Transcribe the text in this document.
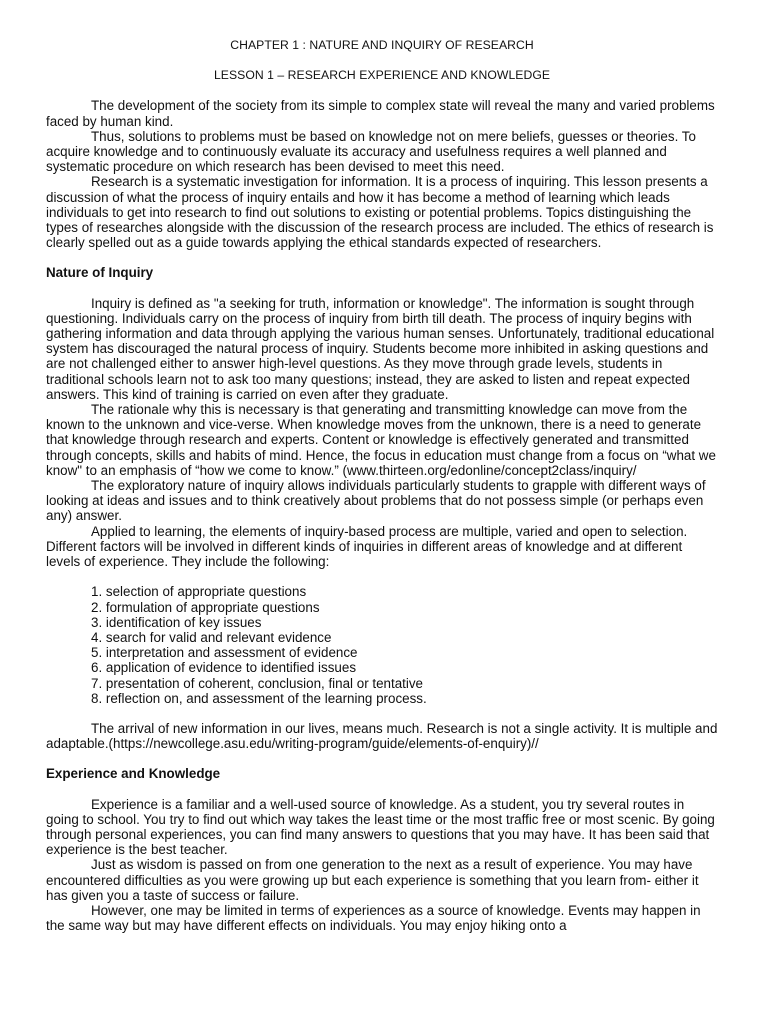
CHAPTER 1 : NATURE AND INQUIRY OF RESEARCH

LESSON 1 – RESEARCH EXPERIENCE AND KNOWLEDGE

The development of the society from its simple to complex state will reveal the many and varied problems faced by human kind.

Thus, solutions to problems must be based on knowledge not on mere beliefs, guesses or theories. To acquire knowledge and to continuously evaluate its accuracy and usefulness requires a well planned and systematic procedure on which research has been devised to meet this need.

Research is a systematic investigation for information. It is a process of inquiring. This lesson presents a discussion of what the process of inquiry entails and how it has become a method of learning which leads individuals to get into research to find out solutions to existing or potential problems. Topics distinguishing the types of researches alongside with the discussion of the research process are included. The ethics of research is clearly spelled out as a guide towards applying the ethical standards expected of researchers.

Nature of Inquiry

Inquiry is defined as "a seeking for truth, information or knowledge". The information is sought through questioning. Individuals carry on the process of inquiry from birth till death. The process of inquiry begins with gathering information and data through applying the various human senses. Unfortunately, traditional educational system has discouraged the natural process of inquiry. Students become more inhibited in asking questions and are not challenged either to answer high-level questions. As they move through grade levels, students in traditional schools learn not to ask too many questions; instead, they are asked to listen and repeat expected answers. This kind of training is carried on even after they graduate.

The rationale why this is necessary is that generating and transmitting knowledge can move from the known to the unknown and vice-verse. When knowledge moves from the unknown, there is a need to generate that knowledge through research and experts. Content or knowledge is effectively generated and transmitted through concepts, skills and habits of mind. Hence, the focus in education must change from a focus on “what we know" to an emphasis of “how we come to know.” (www.thirteen.org/edonline/concept2class/inquiry/

The exploratory nature of inquiry allows individuals particularly students to grapple with different ways of looking at ideas and issues and to think creatively about problems that do not possess simple (or perhaps even any) answer.

Applied to learning, the elements of inquiry-based process are multiple, varied and open to selection. Different factors will be involved in different kinds of inquiries in different areas of knowledge and at different levels of experience. They include the following:

1. selection of appropriate questions
2. formulation of appropriate questions
3. identification of key issues
4. search for valid and relevant evidence
5. interpretation and assessment of evidence
6. application of evidence to identified issues
7. presentation of coherent, conclusion, final or tentative
8. reflection on, and assessment of the learning process.

The arrival of new information in our lives, means much. Research is not a single activity. It is multiple and adaptable.(https://newcollege.asu.edu/writing-program/guide/elements-of-enquiry)//

Experience and Knowledge

Experience is a familiar and a well-used source of knowledge. As a student, you try several routes in going to school. You try to find out which way takes the least time or the most traffic free or most scenic. By going through personal experiences, you can find many answers to questions that you may have. It has been said that experience is the best teacher.

Just as wisdom is passed on from one generation to the next as a result of experience. You may have encountered difficulties as you were growing up but each experience is something that you learn from- either it has given you a taste of success or failure.

However, one may be limited in terms of experiences as a source of knowledge. Events may happen in the same way but may have different effects on individuals. You may enjoy hiking onto a
